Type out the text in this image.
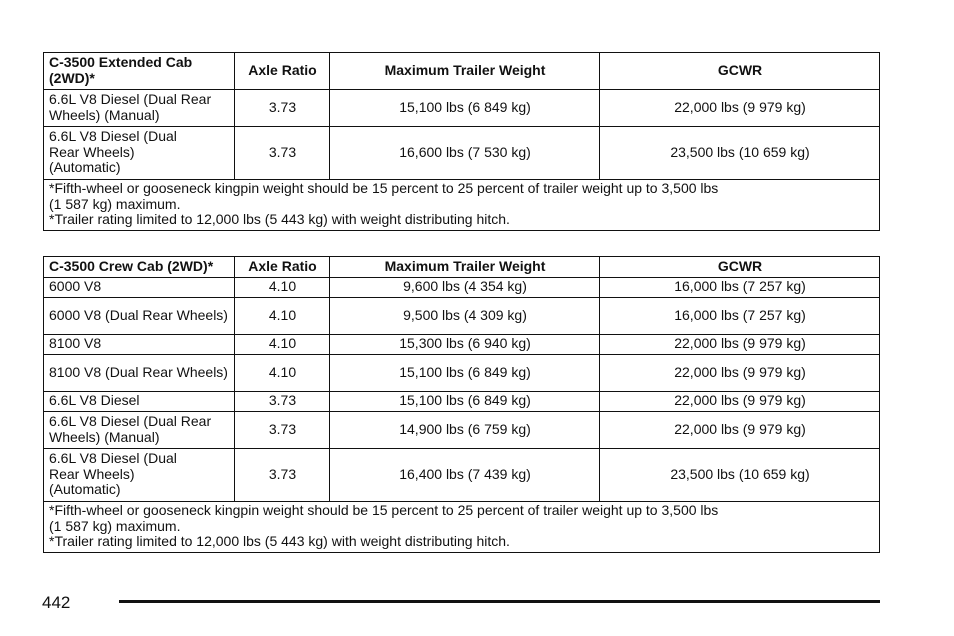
C-3500 Extended Cab (2WD)*	Axle Ratio	Maximum Trailer Weight	GCWR
6.6L V8 Diesel (Dual Rear Wheels) (Manual)	3.73	15,100 lbs (6 849 kg)	22,000 lbs (9 979 kg)
6.6L V8 Diesel (Dual Rear Wheels) (Automatic)	3.73	16,600 lbs (7 530 kg)	23,500 lbs (10 659 kg)

*Fifth-wheel or gooseneck kingpin weight should be 15 percent to 25 percent of trailer weight up to 3,500 lbs
(1 587 kg) maximum.
*Trailer rating limited to 12,000 lbs (5 443 kg) with weight distributing hitch.			
C-3500 Crew Cab (2WD)*	Axle Ratio	Maximum Trailer Weight	GCWR
6000 V8	4.10	9,600 lbs (4 354 kg)	16,000 lbs (7 257 kg)
6000 V8 (Dual Rear Wheels)	4.10	9,500 lbs (4 309 kg)	16,000 lbs (7 257 kg)
8100 V8	4.10	15,300 lbs (6 940 kg)	22,000 lbs (9 979 kg)
8100 V8 (Dual Rear Wheels)	4.10	15,100 lbs (6 849 kg)	22,000 lbs (9 979 kg)
6.6L V8 Diesel	3.73	15,100 lbs (6 849 kg)	22,000 lbs (9 979 kg)
6.6L V8 Diesel (Dual Rear Wheels) (Manual)	3.73	14,900 lbs (6 759 kg)	22,000 lbs (9 979 kg)
6.6L V8 Diesel (Dual Rear Wheels) (Automatic)	3.73	16,400 lbs (7 439 kg)	23,500 lbs (10 659 kg)

*Fifth-wheel or gooseneck kingpin weight should be 15 percent to 25 percent of trailer weight up to 3,500 lbs
(1 587 kg) maximum.
*Trailer rating limited to 12,000 lbs (5 443 kg) with weight distributing hitch.			
442
